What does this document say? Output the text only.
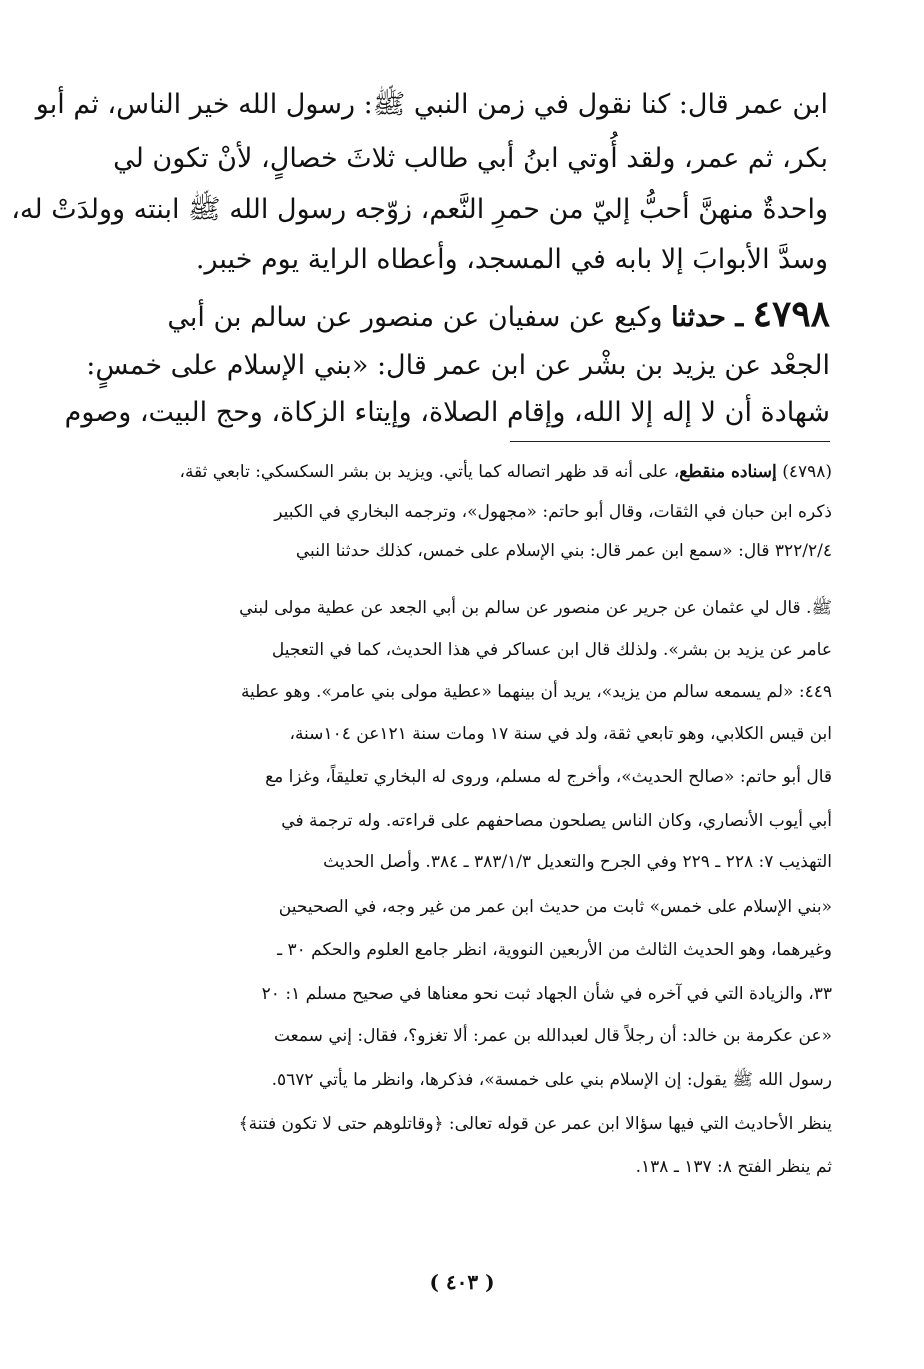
ابن عمر قال: كنا نقول في زمن النبي ﷺ: رسول الله خير الناس، ثم أبو
بكر، ثم عمر، ولقد أُوتي ابنُ أبي طالب ثلاثَ خصالٍ، لأنْ تكون لي
واحدةٌ منهنَّ أحبُّ إليّ من حمرِ النَّعم، زوّجه رسول الله ﷺ ابنته وولدَتْ له،
وسدَّ الأبوابَ إلا بابه في المسجد، وأعطاه الراية يوم خيبر.
٤٧٩٨ ـ حدثنا وكيع عن سفيان عن منصور عن سالم بن أبي
الجعْد عن يزيد بن بشْر عن ابن عمر قال: «بني الإسلام على خمسٍ:
شهادة أن لا إله إلا الله، وإقام الصلاة، وإيتاء الزكاة، وحج البيت، وصوم
(٤٧٩٨) إسناده منقطع، على أنه قد ظهر اتصاله كما يأتي. ويزيد بن بشر السكسكي: تابعي ثقة،
ذكره ابن حبان في الثقات، وقال أبو حاتم: «مجهول»، وترجمه البخاري في الكبير
٣٢٢/٢/٤ قال: «سمع ابن عمر قال: بني الإسلام على خمس، كذلك حدثنا النبي
ﷺ. قال لي عثمان عن جرير عن منصور عن سالم بن أبي الجعد عن عطية مولى لبني
عامر عن يزيد بن بشر». ولذلك قال ابن عساكر في هذا الحديث، كما في التعجيل
٤٤٩: «لم يسمعه سالم من يزيد»، يريد أن بينهما «عطية مولى بني عامر». وهو عطية
ابن قيس الكلابي، وهو تابعي ثقة، ولد في سنة ١٧ ومات سنة ١٢١عن ١٠٤سنة،
قال أبو حاتم: «صالح الحديث»، وأخرج له مسلم، وروى له البخاري تعليقاً، وغزا مع
أبي أيوب الأنصاري، وكان الناس يصلحون مصاحفهم على قراءته. وله ترجمة في
التهذيب ٧: ٢٢٨ ـ ٢٢٩ وفي الجرح والتعديل ٣٨٣/١/٣ ـ ٣٨٤. وأصل الحديث
«بني الإسلام على خمس» ثابت من حديث ابن عمر من غير وجه، في الصحيحين
وغيرهما، وهو الحديث الثالث من الأربعين النووية، انظر جامع العلوم والحكم ٣٠ ـ
٣٣، والزيادة التي في آخره في شأن الجهاد ثبت نحو معناها في صحيح مسلم ١: ٢٠
«عن عكرمة بن خالد: أن رجلاً قال لعبدالله بن عمر: ألا تغزو؟، فقال: إني سمعت
رسول الله ﷺ يقول: إن الإسلام بني على خمسة»، فذكرها، وانظر ما يأتي ٥٦٧٢.
ينظر الأحاديث التي فيها سؤالا ابن عمر عن قوله تعالى: ﴿وقاتلوهم حتى لا تكون فتنة﴾
ثم ينظر الفتح ٨: ١٣٧ ـ ١٣٨.
( ٤٠٣ )
